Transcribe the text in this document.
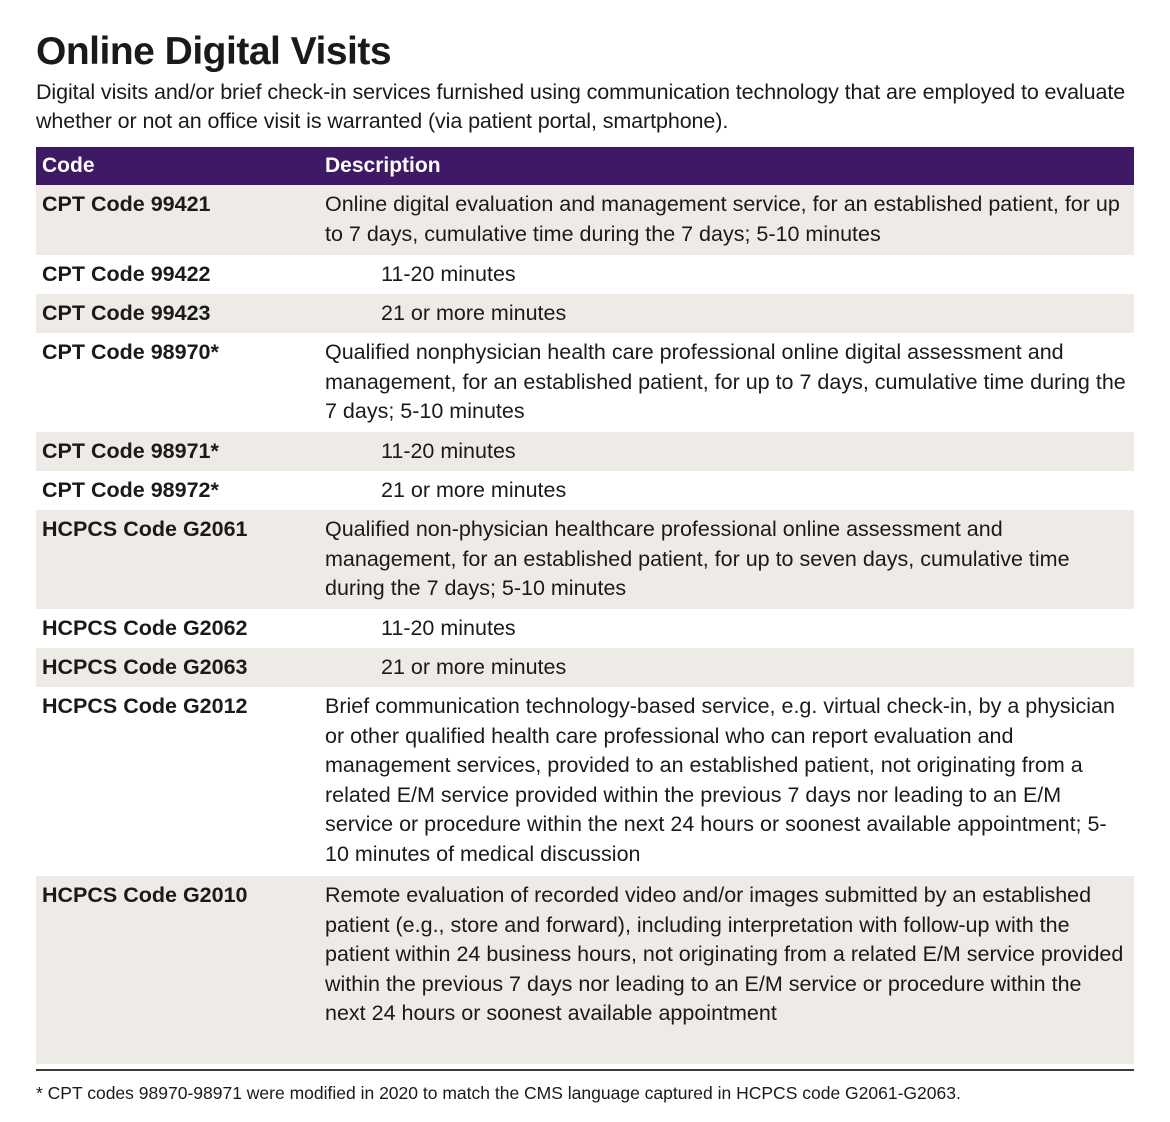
Online Digital Visits

Digital visits and/or brief check-in services furnished using communication technology that are employed to evaluate whether or not an office visit is warranted (via patient portal, smartphone).

Code	Description
CPT Code 99421	Online digital evaluation and management service, for an established patient, for up to 7 days, cumulative time during the 7 days; 5-10 minutes
CPT Code 99422	11-20 minutes
CPT Code 99423	21 or more minutes
CPT Code 98970*	Qualified nonphysician health care professional online digital assessment and management, for an established patient, for up to 7 days, cumulative time during the 7 days; 5-10 minutes
CPT Code 98971*	11-20 minutes
CPT Code 98972*	21 or more minutes
HCPCS Code G2061	Qualified non-physician healthcare professional online assessment and management, for an established patient, for up to seven days, cumulative time during the 7 days; 5-10 minutes
HCPCS Code G2062	11-20 minutes
HCPCS Code G2063	21 or more minutes
HCPCS Code G2012	Brief communication technology-based service, e.g. virtual check-in, by a physician or other qualified health care professional who can report evaluation and management services, provided to an established patient, not originating from a related E/M service provided within the previous 7 days nor leading to an E/M service or procedure within the next 24 hours or soonest available appointment; 5-10 minutes of medical discussion
HCPCS Code G2010	Remote evaluation of recorded video and/or images submitted by an established patient (e.g., store and forward), including interpretation with follow-up with the patient within 24 business hours, not originating from a related E/M service provided within the previous 7 days nor leading to an E/M service or procedure within the next 24 hours or soonest available appointment

* CPT codes 98970-98971 were modified in 2020 to match the CMS language captured in HCPCS code G2061-G2063.
